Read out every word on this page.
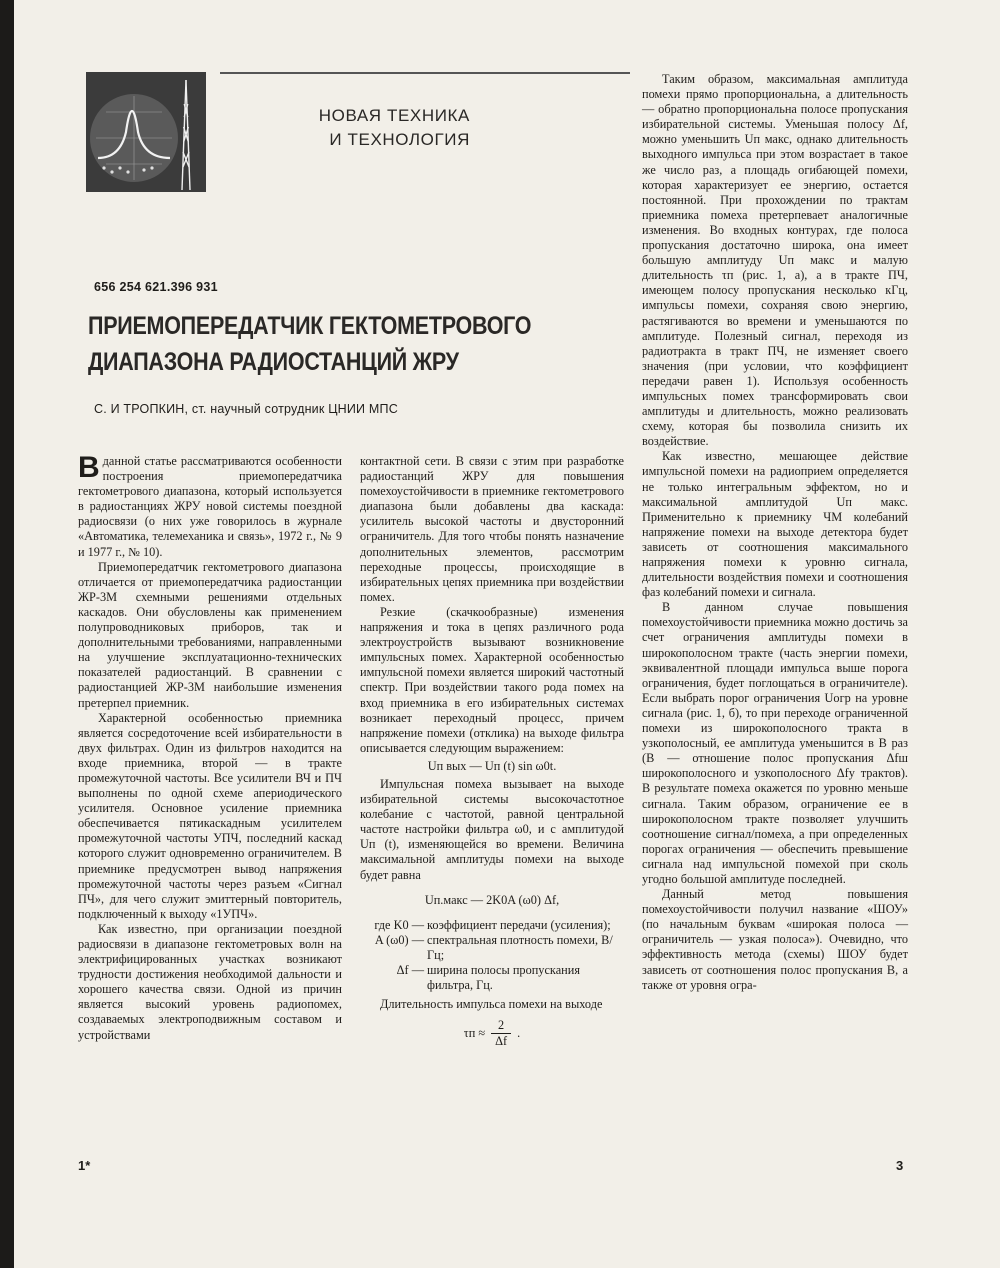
НОВАЯ ТЕХНИКА
И ТЕХНОЛОГИЯ
656 254 621.396 931
ПРИЕМОПЕРЕДАТЧИК ГЕКТОМЕТРОВОГО
ДИАПАЗОНА РАДИОСТАНЦИЙ ЖРУ
С. И ТРОПКИН, ст. научный сотрудник ЦНИИ МПС

Вданной статье рассматриваются особенности построения приемопередатчика гектометрового диапазона, который используется в радиостанциях ЖРУ новой системы поездной радиосвязи (о них уже говорилось в журнале «Автоматика, телемеханика и связь», 1972 г., № 9 и 1977 г., № 10).

Приемопередатчик гектометрового диапазона отличается от приемопередатчика радиостанции ЖР-3М схемными решениями отдельных каскадов. Они обусловлены как применением полупроводниковых приборов, так и дополнительными требованиями, направленными на улучшение эксплуатационно-технических показателей радиостанций. В сравнении с радиостанцией ЖР-3М наибольшие изменения претерпел приемник.

Характерной особенностью приемника является сосредоточение всей избирательности в двух фильтрах. Один из фильтров находится на входе приемника, второй — в тракте промежуточной частоты. Все усилители ВЧ и ПЧ выполнены по одной схеме апериодического усилителя. Основное усиление приемника обеспечивается пятикаскадным усилителем промежуточной частоты УПЧ, последний каскад которого служит одновременно ограничителем. В приемнике предусмотрен вывод напряжения промежуточной частоты через разъем «Сигнал ПЧ», для чего служит эмиттерный повторитель, подключенный к выходу «1УПЧ».

Как известно, при организации поездной радиосвязи в диапазоне гектометровых волн на электрифицированных участках возникают трудности достижения необходимой дальности и хорошего качества связи. Одной из причин является высокий уровень радиопомех, создаваемых электроподвижным составом и устройствами

контактной сети. В связи с этим при разработке радиостанций ЖРУ для повышения помехоустойчивости в приемнике гектометрового диапазона были добавлены два каскада: усилитель высокой частоты и двусторонний ограничитель. Для того чтобы понять назначение дополнительных элементов, рассмотрим переходные процессы, происходящие в избирательных цепях приемника при воздействии помех.

Резкие (скачкообразные) изменения напряжения и тока в цепях различного рода электроустройств вызывают возникновение импульсных помех. Характерной особенностью импульсной помехи является широкий частотный спектр. При воздействии такого рода помех на вход приемника в его избирательных системах возникает переходный процесс, причем напряжение помехи (отклика) на выходе фильтра описывается следующим выражением:

Uп вых — Uп (t) sin ω0t.

Импульсная помеха вызывает на выходе избирательной системы высокочастотное колебание с частотой, равной центральной частоте настройки фильтра ω0, и с амплитудой Uп (t), изменяющейся во времени. Величина максимальной амплитуды помехи на выходе будет равна

Uп.макс — 2K0A (ω0) Δf,

где K0 — коэффициент передачи (усиления);
A (ω0) — спектральная плотность помехи, В/Гц;
Δf — ширина полосы пропускания фильтра, Гц.

Длительность импульса помехи на выходе

$\tau п \approx \frac{2}{\Delta f}$ .

Таким образом, максимальная амплитуда помехи прямо пропорциональна, а длительность — обратно пропорциональна полосе пропускания избирательной системы. Уменьшая полосу Δf, можно уменьшить Uп макс, однако длительность выходного импульса при этом возрастает в такое же число раз, а площадь огибающей помехи, которая характеризует ее энергию, остается постоянной. При прохождении по трактам приемника помеха претерпевает аналогичные изменения. Во входных контурах, где полоса пропускания достаточно широка, она имеет большую амплитуду Uп макс и малую длительность τп (рис. 1, а), а в тракте ПЧ, имеющем полосу пропускания несколько кГц, импульсы помехи, сохраняя свою энергию, растягиваются во времени и уменьшаются по амплитуде. Полезный сигнал, переходя из радиотракта в тракт ПЧ, не изменяет своего значения (при условии, что коэффициент передачи равен 1). Используя особенность импульсных помех трансформировать свои амплитуды и длительность, можно реализовать схему, которая бы позволила снизить их воздействие.

Как известно, мешающее действие импульсной помехи на радиоприем определяется не только интегральным эффектом, но и максимальной амплитудой Uп макс. Применительно к приемнику ЧМ колебаний напряжение помехи на выходе детектора будет зависеть от соотношения максимального напряжения помехи к уровню сигнала, длительности воздействия помехи и соотношения фаз колебаний помехи и сигнала.

В данном случае повышения помехоустойчивости приемника можно достичь за счет ограничения амплитуды помехи в широкополосном тракте (часть энергии помехи, эквивалентной площади импульса выше порога ограничения, будет поглощаться в ограничителе). Если выбрать порог ограничения Uогр на уровне сигнала (рис. 1, б), то при переходе ограниченной помехи из широкополосного тракта в узкополосный, ее амплитуда уменьшится в B раз (B — отношение полос пропускания Δfш широкополосного и узкополосного Δfу трактов). В результате помеха окажется по уровню меньше сигнала. Таким образом, ограничение ее в широкополосном тракте позволяет улучшить соотношение сигнал/помеха, а при определенных порогах ограничения — обеспечить превышение сигнала над импульсной помехой при сколь угодно большой амплитуде последней.

Данный метод повышения помехоустойчивости получил название «ШОУ» (по начальным буквам «широкая полоса — ограничитель — узкая полоса»). Очевидно, что эффективность метода (схемы) ШОУ будет зависеть от соотношения полос пропускания B, а также от уровня огра-

1*	3
